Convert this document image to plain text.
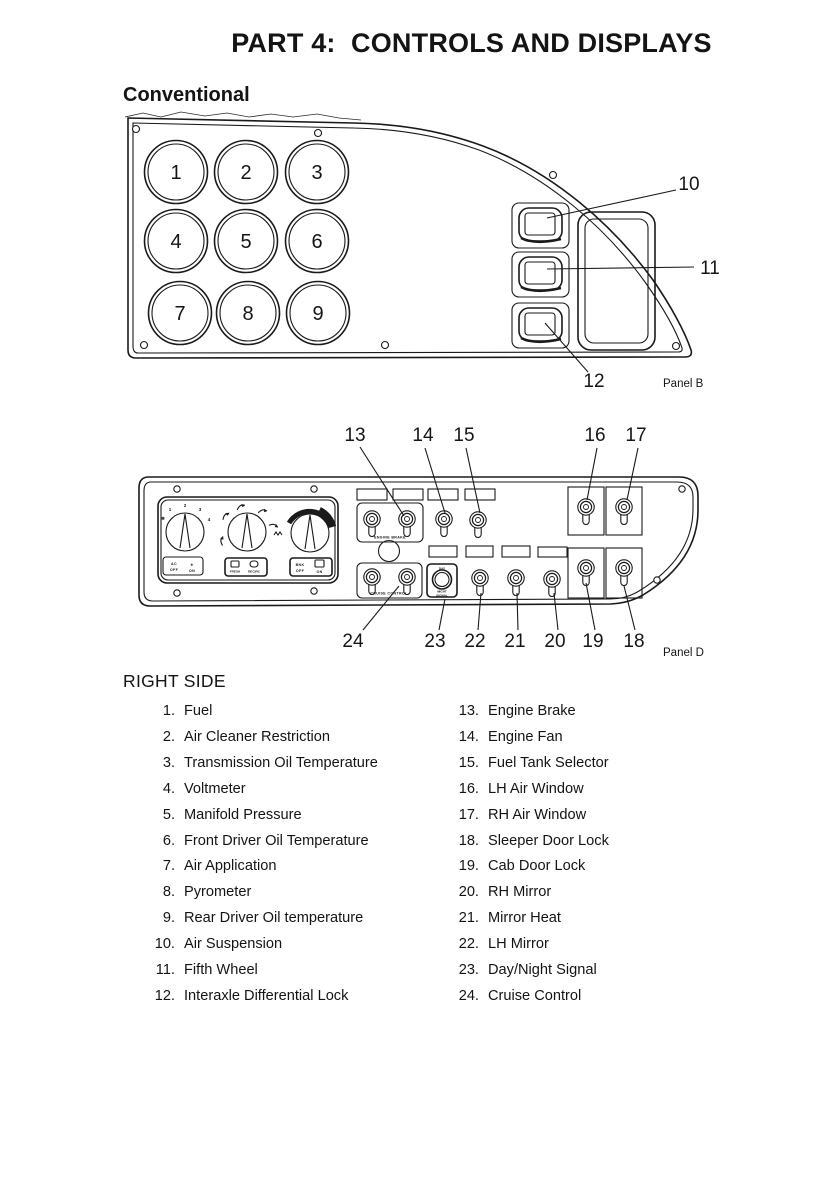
PART 4:  CONTROLS AND DISPLAYS
Conventional
1	2	3
4	5	6
7	8	9
10
11
12	Panel B
❄
1
2
3
4
AC
OFF
✳
ON	FRESH	RECIRC
BNK
OFF	ON
ENGINE BRAKE
CRUISE CONTROL
DAY
NIGHT
SIGNAL
13 14 15	16 17
24	23 22 21 20 19 18
Panel D
RIGHT SIDE
1. Fuel
2. Air Cleaner Restriction
3. Transmission Oil Temperature
4. Voltmeter
5. Manifold Pressure
6. Front Driver Oil Temperature
7. Air Application
8. Pyrometer
9. Rear Driver Oil temperature
10. Air Suspension
11. Fifth Wheel
12. Interaxle Differential Lock
13. Engine Brake
14. Engine Fan
15. Fuel Tank Selector
16. LH Air Window
17. RH Air Window
18. Sleeper Door Lock
19. Cab Door Lock
20. RH Mirror
21. Mirror Heat
22. LH Mirror
23. Day/Night Signal
24. Cruise Control
